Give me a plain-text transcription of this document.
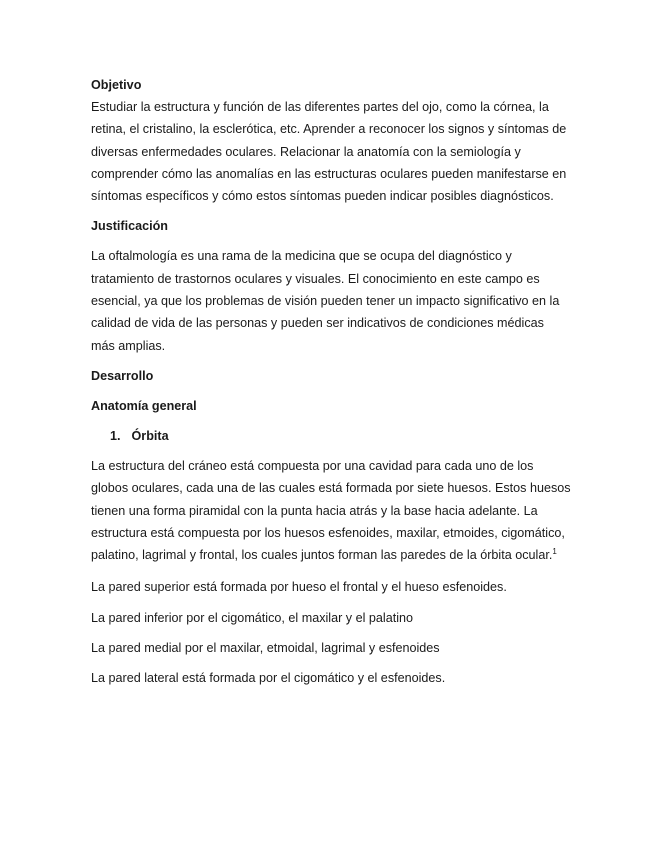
Objetivo

Estudiar la estructura y función de las diferentes partes del ojo, como la córnea, la retina, el cristalino, la esclerótica, etc. Aprender a reconocer los signos y síntomas de diversas enfermedades oculares. Relacionar la anatomía con la semiología y comprender cómo las anomalías en las estructuras oculares pueden manifestarse en síntomas específicos y cómo estos síntomas pueden indicar posibles diagnósticos.

Justificación

La oftalmología es una rama de la medicina que se ocupa del diagnóstico y tratamiento de trastornos oculares y visuales. El conocimiento en este campo es esencial, ya que los problemas de visión pueden tener un impacto significativo en la calidad de vida de las personas y pueden ser indicativos de condiciones médicas más amplias.

Desarrollo

Anatomía general

1. Órbita

La estructura del cráneo está compuesta por una cavidad para cada uno de los globos oculares, cada una de las cuales está formada por siete huesos. Estos huesos tienen una forma piramidal con la punta hacia atrás y la base hacia adelante. La estructura está compuesta por los huesos esfenoides, maxilar, etmoides, cigomático, palatino, lagrimal y frontal, los cuales juntos forman las paredes de la órbita ocular.$^1$

La pared superior está formada por hueso el frontal y el hueso esfenoides.

La pared inferior por el cigomático, el maxilar y el palatino

La pared medial por el maxilar, etmoidal, lagrimal y esfenoides

La pared lateral está formada por el cigomático y el esfenoides.
